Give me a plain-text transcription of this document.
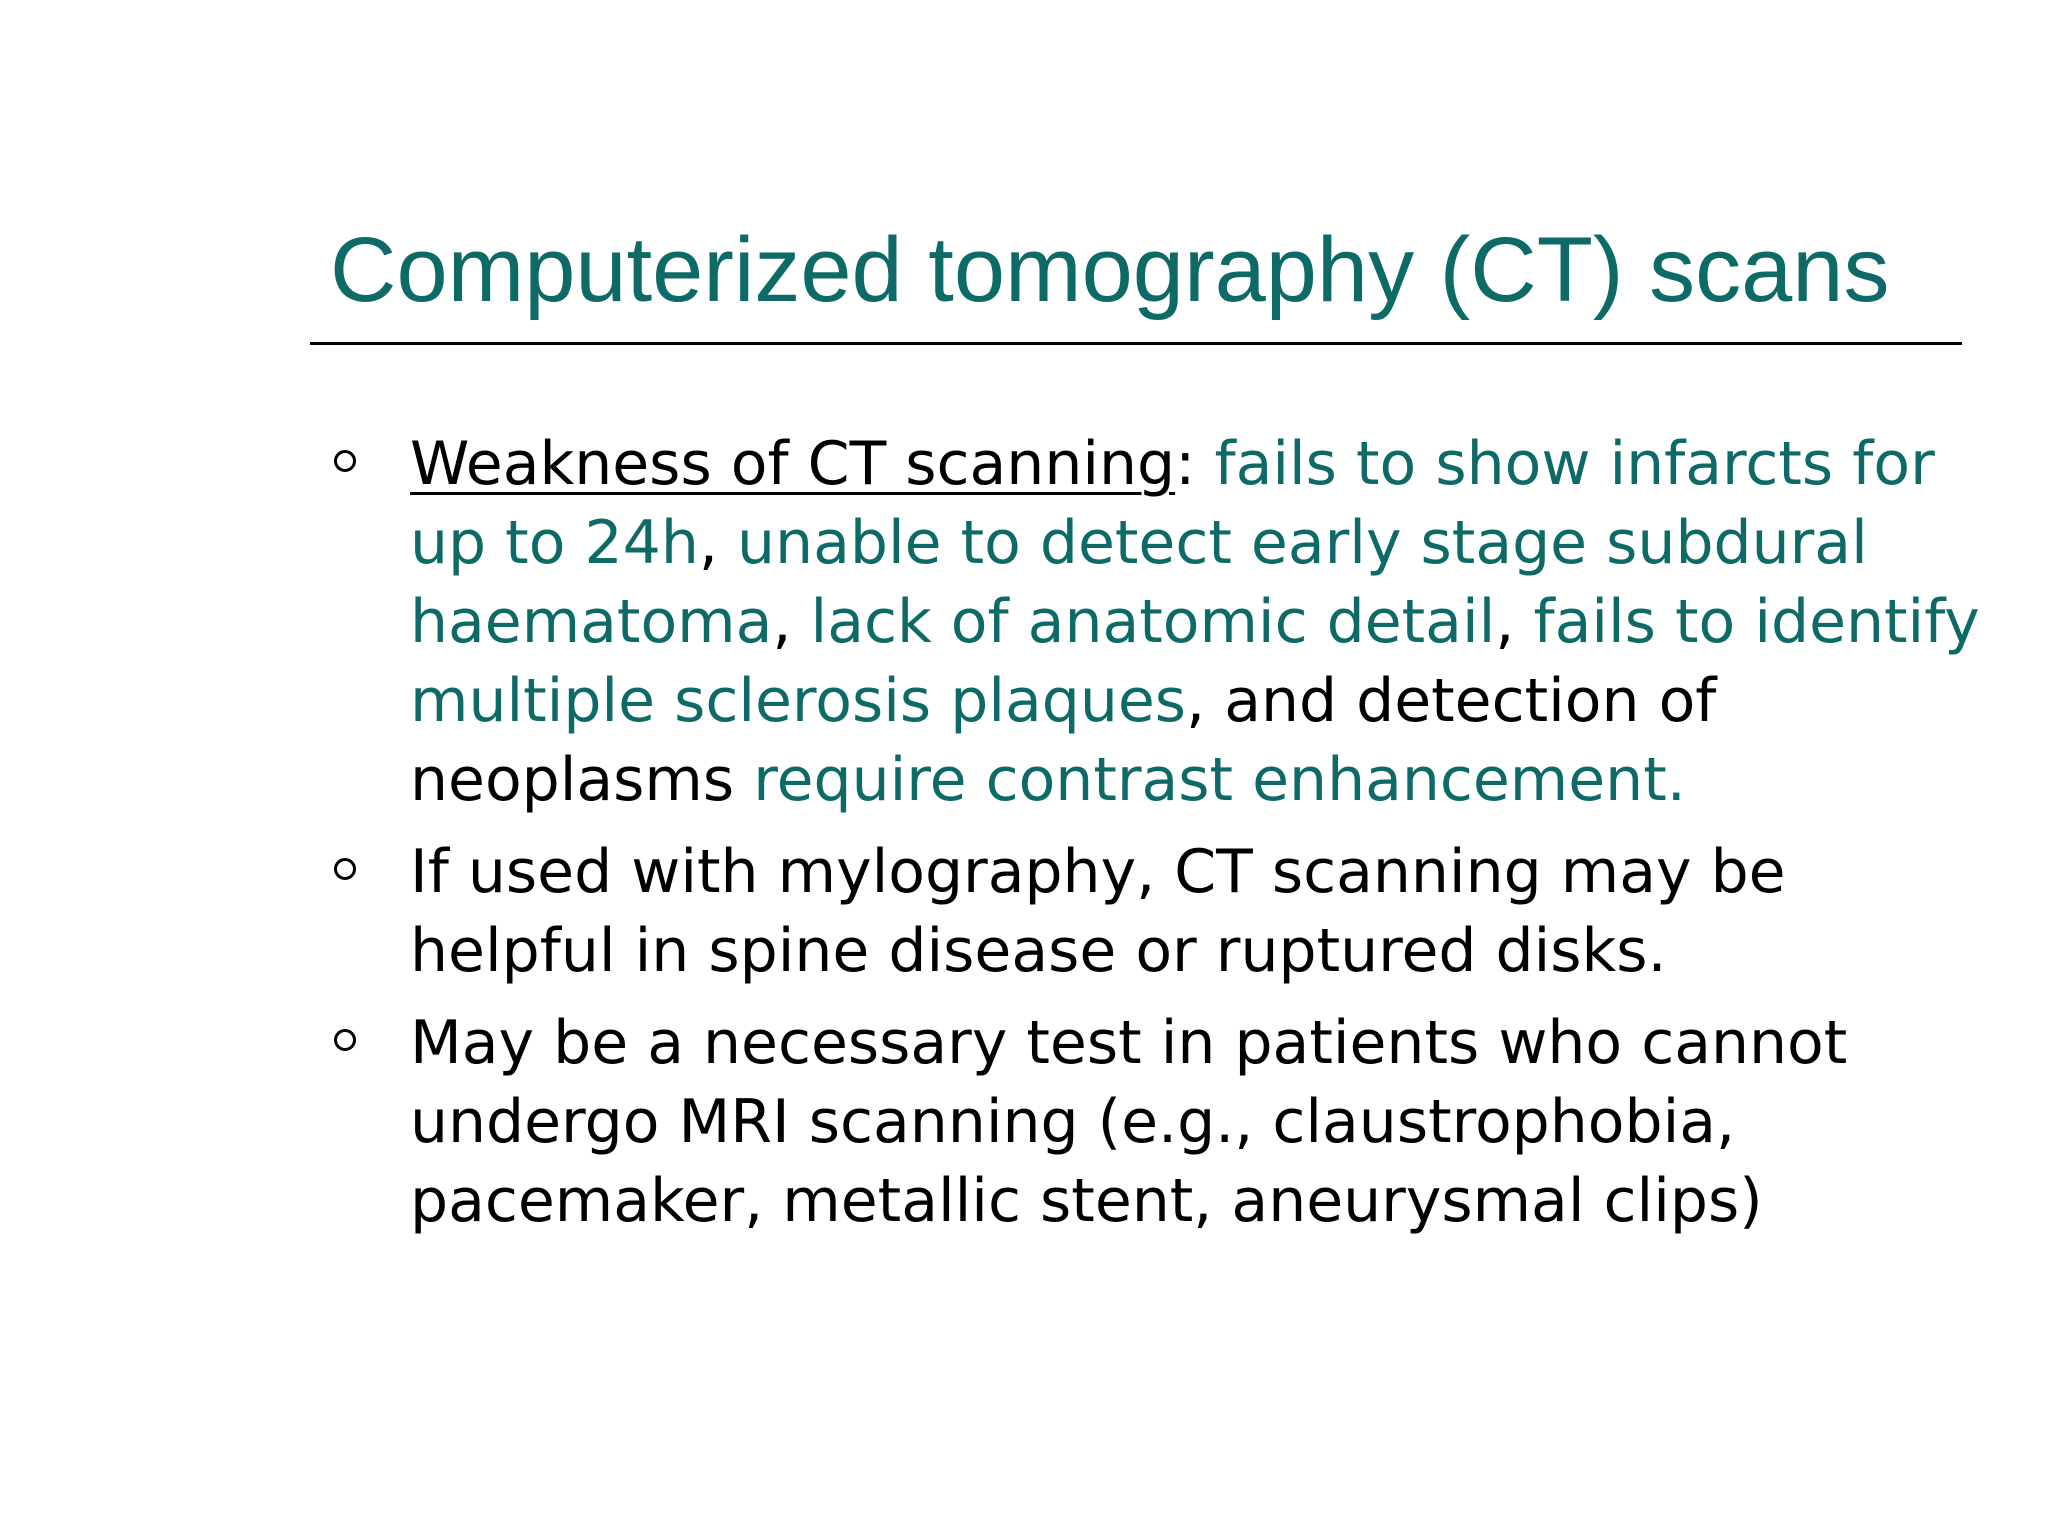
Computerized tomography (CT) scans
Weakness of CT scanning: fails to show infarcts for up to 24h, unable to detect early stage subdural haematoma, lack of anatomic detail, fails to identify multiple sclerosis plaques, and detection of neoplasms require contrast enhancement.
If used with mylography, CT scanning may be helpful in spine disease or ruptured disks.
May be a necessary test in patients who cannot undergo MRI scanning (e.g., claustrophobia, pacemaker, metallic stent, aneurysmal clips)
